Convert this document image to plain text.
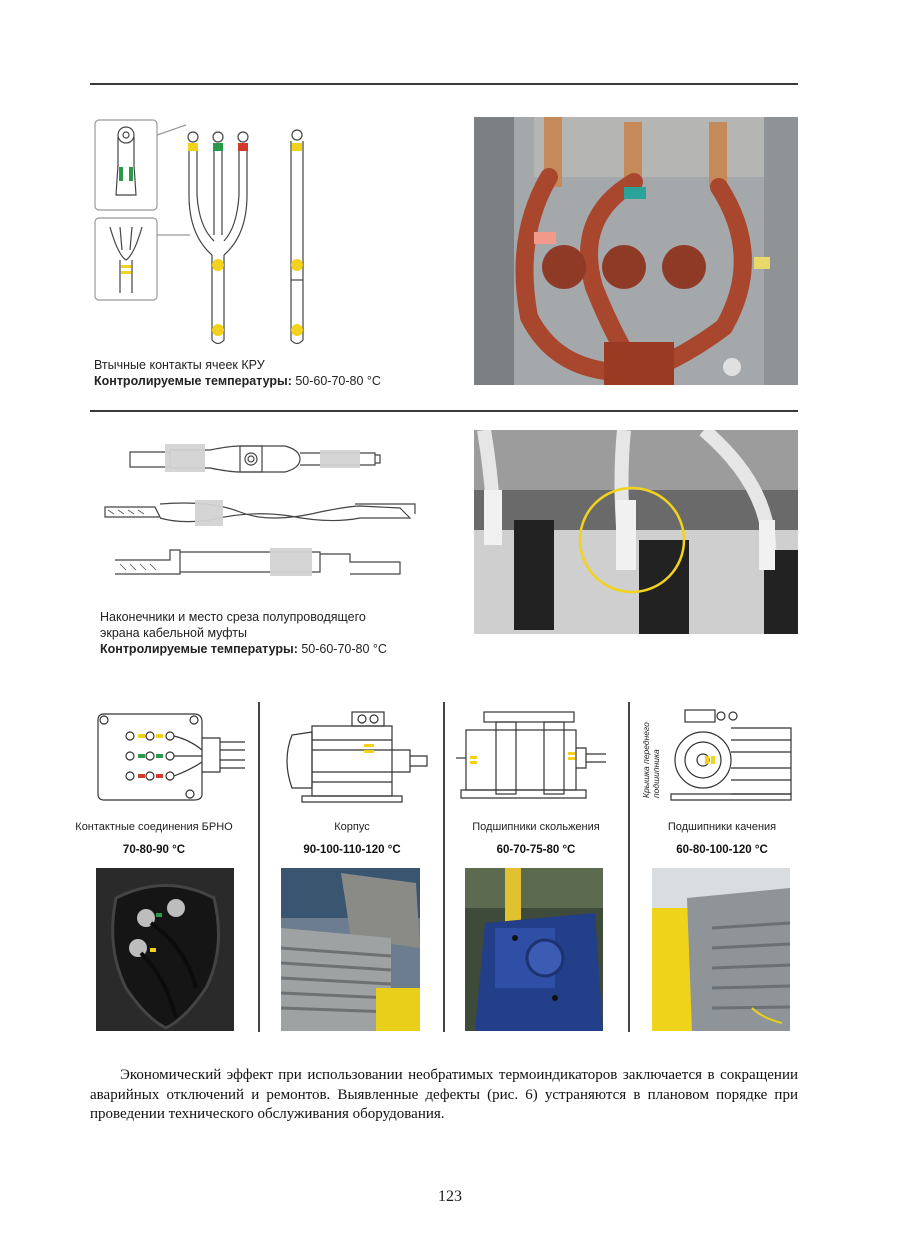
Втычные контакты ячеек КРУ
Контролируемые температуры: 50-60-70-80 °C
Наконечники и место среза полупроводящего
экрана кабельной муфты
Контролируемые температуры: 50-60-70-80 °C
Крышка переднего подшипника
Контактные соединения БРНО
70-80-90 °C
Корпус
90-100-110-120 °C
Подшипники скольжения
60-70-75-80 °C
Подшипники качения
60-80-100-120 °C
Экономический эффект при использовании необратимых термоиндикаторов заключается в сокращении аварийных отключений и ремонтов. Выявленные дефекты (рис. 6) устраняются в плановом порядке при проведении технического обслуживания оборудования.
123
